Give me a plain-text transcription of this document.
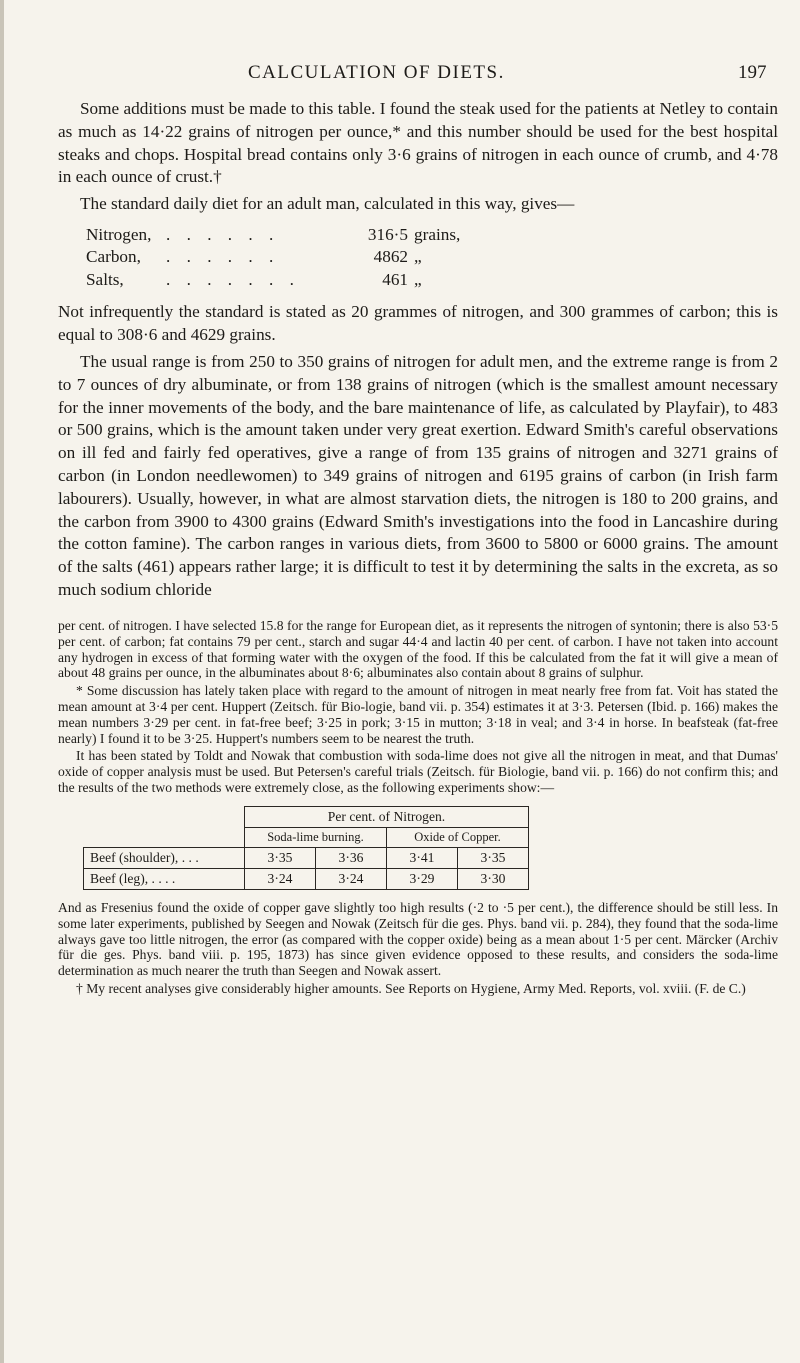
CALCULATION OF DIETS.	197

Some additions must be made to this table. I found the steak used for the patients at Netley to contain as much as 14·22 grains of nitrogen per ounce,* and this number should be used for the best hospital steaks and chops. Hospital bread contains only 3·6 grains of nitrogen in each ounce of crumb, and 4·78 in each ounce of crust.†

The standard daily diet for an adult man, calculated in this way, gives—

Nitrogen, . . . . . .	316·5 grains,
Carbon,	. . . . . .	4862 „
Salts,	. . . . . . .	461 „

Not infrequently the standard is stated as 20 grammes of nitrogen, and 300 grammes of carbon; this is equal to 308·6 and 4629 grains.

The usual range is from 250 to 350 grains of nitrogen for adult men, and the extreme range is from 2 to 7 ounces of dry albuminate, or from 138 grains of nitrogen (which is the smallest amount necessary for the inner movements of the body, and the bare maintenance of life, as calculated by Playfair), to 483 or 500 grains, which is the amount taken under very great exertion. Edward Smith's careful observations on ill fed and fairly fed operatives, give a range of from 135 grains of nitrogen and 3271 grains of carbon (in London needlewomen) to 349 grains of nitrogen and 6195 grains of carbon (in Irish farm labourers). Usually, however, in what are almost starvation diets, the nitrogen is 180 to 200 grains, and the carbon from 3900 to 4300 grains (Edward Smith's investigations into the food in Lancashire during the cotton famine). The carbon ranges in various diets, from 3600 to 5800 or 6000 grains. The amount of the salts (461) appears rather large; it is difficult to test it by determining the salts in the excreta, as so much sodium chloride

per cent. of nitrogen. I have selected 15.8 for the range for European diet, as it represents the nitrogen of syntonin; there is also 53·5 per cent. of carbon; fat contains 79 per cent., starch and sugar 44·4 and lactin 40 per cent. of carbon. I have not taken into account any hydrogen in excess of that forming water with the oxygen of the food. If this be calculated from the fat it will give a mean of about 48 grains per ounce, in the albuminates about 8·6; albuminates also contain about 8 grains of sulphur.

* Some discussion has lately taken place with regard to the amount of nitrogen in meat nearly free from fat. Voit has stated the mean amount at 3·4 per cent. Huppert (Zeitsch. für Bio-logie, band vii. p. 354) estimates it at 3·3. Petersen (Ibid. p. 166) makes the mean numbers 3·29 per cent. in fat-free beef; 3·25 in pork; 3·15 in mutton; 3·18 in veal; and 3·4 in horse. In beafsteak (fat-free nearly) I found it to be 3·25. Huppert's numbers seem to be nearest the truth.

It has been stated by Toldt and Nowak that combustion with soda-lime does not give all the nitrogen in meat, and that Dumas' oxide of copper analysis must be used. But Petersen's careful trials (Zeitsch. für Biologie, band vii. p. 166) do not confirm this; and the results of the two methods were extremely close, as the following experiments show:—

	Per cent. of Nitrogen.			
	Soda-lime burning.		Oxide of Copper.	
Beef (shoulder), . . .	3·35	3·36	3·41	3·35
Beef (leg), . . . .	3·24	3·24	3·29	3·30

And as Fresenius found the oxide of copper gave slightly too high results (·2 to ·5 per cent.), the difference should be still less. In some later experiments, published by Seegen and Nowak (Zeitsch für die ges. Phys. band vii. p. 284), they found that the soda-lime always gave too little nitrogen, the error (as compared with the copper oxide) being as a mean about 1·5 per cent. Märcker (Archiv für die ges. Phys. band viii. p. 195, 1873) has since given evidence opposed to these results, and considers the soda-lime determination as much nearer the truth than Seegen and Nowak assert.

† My recent analyses give considerably higher amounts. See Reports on Hygiene, Army Med. Reports, vol. xviii. (F. de C.)
